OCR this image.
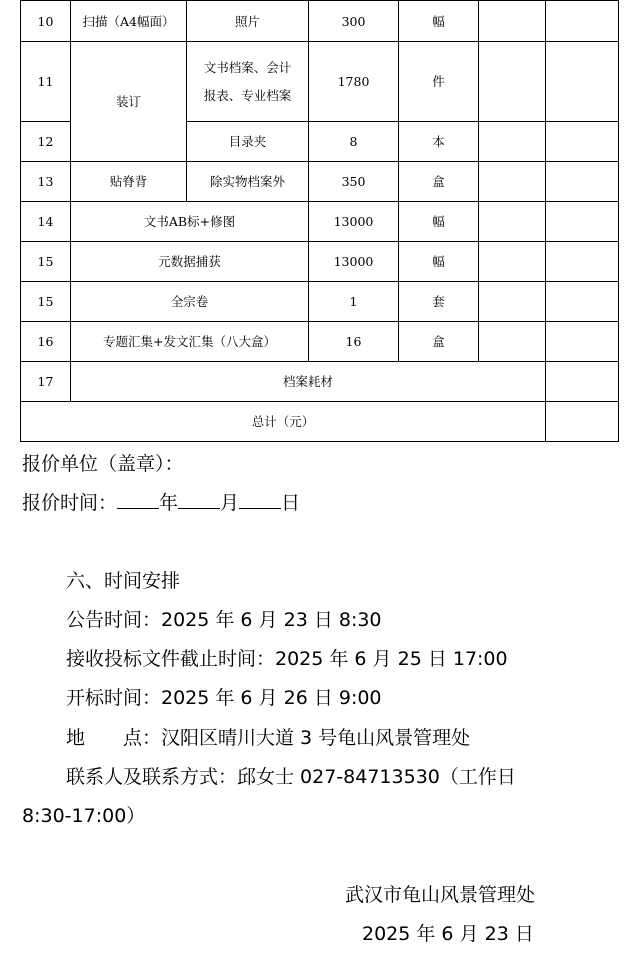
10	扫描（A4幅面）	照片	300	幅		
11	装订	文书档案、会计
报表、专业档案	1780	件		
12		目录夹	8	本		
13	贴脊背	除实物档案外	350	盒		
14	文书AB标+修图		13000	幅		
15	元数据捕获		13000	幅		
15	全宗卷		1	套		
16	专题汇集+发文汇集（八大盒）		16	盒		
17	档案耗材					
总计（元）						
报价单位（盖章）：
报价时间： 年 月 日
六、时间安排
公告时间：2025 年 6 月 23 日 8:30
接收投标文件截止时间：2025 年 6 月 25 日 17:00
开标时间：2025 年 6 月 26 日 9:00
地　　点：汉阳区晴川大道 3 号龟山风景管理处
联系人及联系方式：邱女士 027-84713530（工作日
8:30-17:00）
武汉市龟山风景管理处
2025 年 6 月 23 日
